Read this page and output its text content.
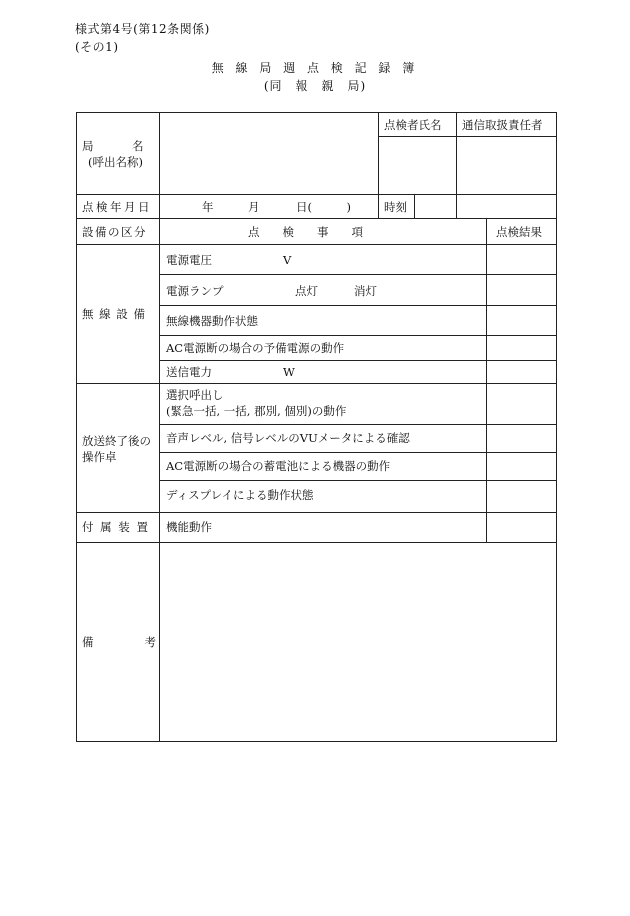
様式第4号(第12条関係)
(その1)
無 線 局 週 点 検 記 録 簿
(同　報　親　局)
局　　　名
(呼出名称)
点検者氏名 通信取扱責任者
点検年月日	年	月	日(　　　)	時刻
設備の区分	点　　検　　事　　項	点検結果
無 線 設 備
電源電圧	V
電源ランプ	点灯	消灯
無線機器動作状態
AC電源断の場合の予備電源の動作
送信電力	W
放送終了後の
操作卓
選択呼出し
(緊急一括, 一括, 郡別, 個別)の動作
音声レベル, 信号レベルのVUメータによる確認
AC電源断の場合の蓄電池による機器の動作
ディスプレイによる動作状態
付 属 装 置 機能動作
備　　　　考
